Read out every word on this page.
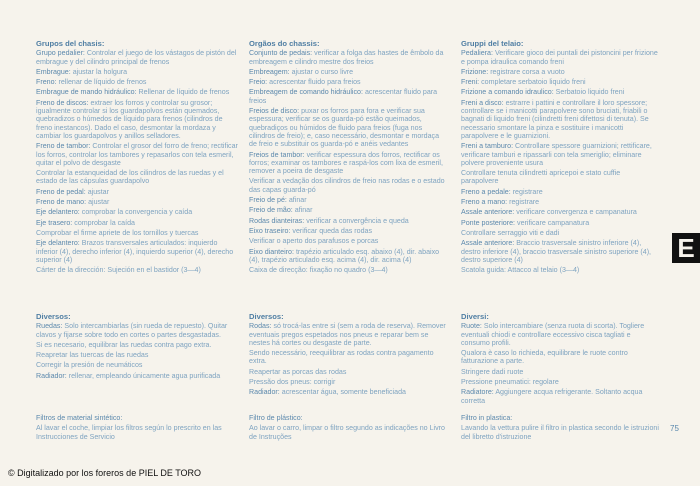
Grupos del chasis:
Grupo pedalier: Controlar el juego de los vástagos de pistón del embrague y del cilindro principal de frenos
Embrague: ajustar la holgura
Freno: rellenar de líquido de frenos
Embrague de mando hidráulico: Rellenar de líquido de frenos
Freno de discos: extraer los forros y controlar su grosor; igualmente controlar si los guardapolvos están quemados, quebradizos o húmedos de líquido para frenos (cilindros de freno inestancos). Dado el caso, desmontar la mordaza y cambiar los guardapolvos y anillos selladores.
Freno de tambor: Controlar el grosor del forro de freno; rectificar los forros, controlar los tambores y repasarlos con tela esmeril, quitar el polvo de desgaste
Controlar la estanqueidad de los cilindros de las ruedas y el estado de las cápsulas guardapolvo
Freno de pedal: ajustar
Freno de mano: ajustar
Eje delantero: comprobar la convergencia y caída
Eje trasero: comprobar la caída
Comprobar el firme apriete de los tornillos y tuercas
Eje delantero: Brazos transversales articulados: inquierdo inferior (4), derecho inferior (4), inquierdo superior (4), derecho superior (4)
Cárter de la dirección: Sujeción en el bastidor (3—4)
Diversos:
Ruedas: Solo intercambiarlas (sin rueda de repuesto). Quitar clavos y fijarse sobre todo en cortes o partes desgastadas.
Si es necesario, equilibrar las ruedas contra pago extra.
Reapretar las tuercas de las ruedas
Corregir la presión de neumáticos
Radiador: rellenar, empleando únicamente agua purificada
Filtros de material sintético:
Al lavar el coche, limpiar los filtros según lo prescrito en las Instrucciones de Servicio
Orgãos do chassis:
Conjunto de pedais: verificar a folga das hastes de êmbolo da embreagem e cilindro mestre dos freios
Embreagem: ajustar o curso livre
Freio: acrescentar fluido para freios
Embreagem de comando hidráulico: acrescentar fluido para freios
Freios de disco: puxar os forros para fora e verificar sua espessura; verificar se os guarda-pó estão queimados, quebradiços ou húmidos de fluido para freios (fuga nos cilindros de freio); e, caso necessário, desmontar e mordaça de freio e substituir os guarda-pó e anéis vedantes
Freios de tambor: verificar espessura dos forros, rectificar os forros; examinar os tambores e raspá-los com lixa de esmeril, remover a poeira de desgaste
Verificar a vedação dos cilindros de freio nas rodas e o estado das capas guarda-pó
Freio de pé: afinar
Freio de mão: afinar
Rodas dianteiras: verificar a convergência e queda
Eixo traseiro: verificar queda das rodas
Verificar o aperto dos parafusos e porcas
Eixo dianteiro: trapézio articulado esq. abaixo (4), dir. abaixo (4), trapézio articulado esq. acima (4), dir. acima (4)
Caixa de direcção: fixação no quadro (3—4)
Diversos:
Rodas: só trocá-las entre si (sem a roda de reserva). Remover eventuais pregos espetados nos pneus e reparar bem se nestes há cortes ou desgaste de parte.
Sendo necessário, reequilibrar as rodas contra pagamento extra.
Reapertar as porcas das rodas
Pressão dos pneus: corrigir
Radiador: acrescentar água, somente beneficiada
Filtro de plástico:
Ao lavar o carro, limpar o filtro segundo as indicações no Livro de Instruções
Gruppi del telaio:
Pedaliera: Verificare gioco dei puntali dei pistoncini per frizione e pompa idraulica comando freni
Frizione: registrare corsa a vuoto
Freni: completare serbatoio liquido freni
Frizione a comando idraulico: Serbatoio liquido freni
Freni a disco: estrarre i pattini e controllare il loro spessore; controllare se i manicotti parapolvere sono bruciati, friabili o bagnati di liquido freni (cilindretti freni difettosi di tenuta). Se necessario smontare la pinza e sostituire i manicotti parapolvere e le guarnizioni.
Freni a tamburo: Controllare spessore guarnizioni; rettificare, verificare tamburi e ripassarli con tela smeriglio; eliminare polvere proveniente usura
Controllare tenuta cilindretti apricepoi e stato cuffie parapolvere
Freno a pedale: registrare
Freno a mano: registrare
Assale anteriore: verificare convergenza e campanatura
Ponte posteriore: verificare campanatura
Controllare serraggio viti e dadi
Assale anteriore: Braccio trasversale sinistro inferiore (4), destro inferiore (4), braccio trasversale sinistro superiore (4), destro superiore (4)
Scatola guida: Attacco al telaio (3—4)
Diversi:
Ruote: Solo intercambiare (senza ruota di scorta). Togliere eventuali chiodi e controllare eccessivo cisca tagliati e consumo profili.
Qualora è caso lo richieda, equilibrare le ruote contro fatturazione a parte.
Stringere dadi ruote
Pressione pneumatici: regolare
Radiatore: Aggiungere acqua refrigerante. Soltanto acqua corretta
Filtro in plastica:
Lavando la vettura pulire il filtro in plastica secondo le istruzioni del libretto d'istruzione
E
75
© Digitalizado por los foreros de PIEL DE TORO
